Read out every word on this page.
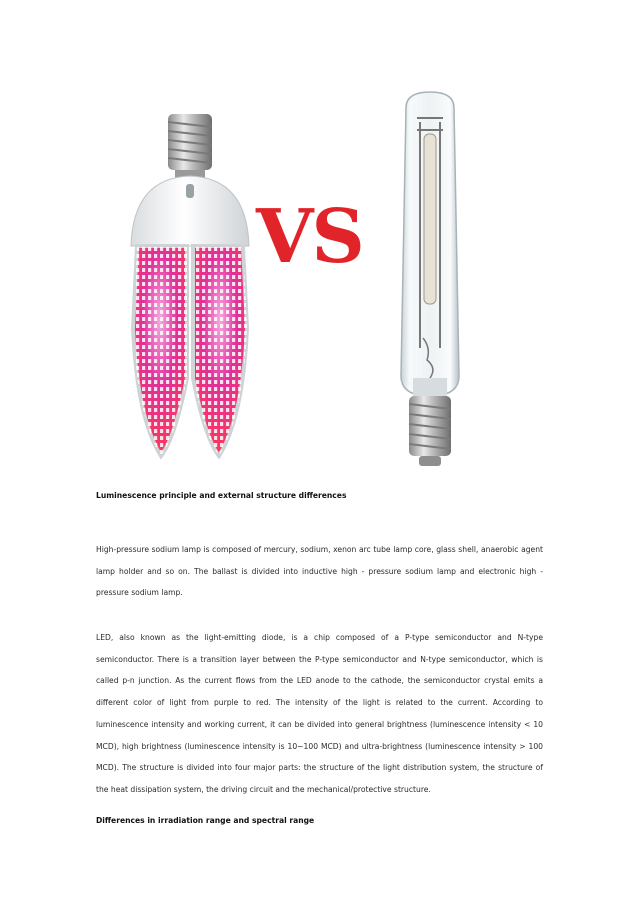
VS
Luminescence principle and external structure differences
High-pressure sodium lamp is composed of mercury, sodium, xenon arc tube lamp core, glass shell, anaerobic agent lamp holder and so on. The ballast is divided into inductive high - pressure sodium lamp and electronic high - pressure sodium lamp.
LED, also known as the light-emitting diode, is a chip composed of a P-type semiconductor and N-type semiconductor. There is a transition layer between the P-type semiconductor and N-type semiconductor, which is called p-n junction. As the current flows from the LED anode to the cathode, the semiconductor crystal emits a different color of light from purple to red. The intensity of the light is related to the current. According to luminescence intensity and working current, it can be divided into general brightness (luminescence intensity < 10 MCD), high brightness (luminescence intensity is 10~100 MCD) and ultra-brightness (luminescence intensity > 100 MCD). The structure is divided into four major parts: the structure of the light distribution system, the structure of the heat dissipation system, the driving circuit and the mechanical/protective structure.
Differences in irradiation range and spectral range
